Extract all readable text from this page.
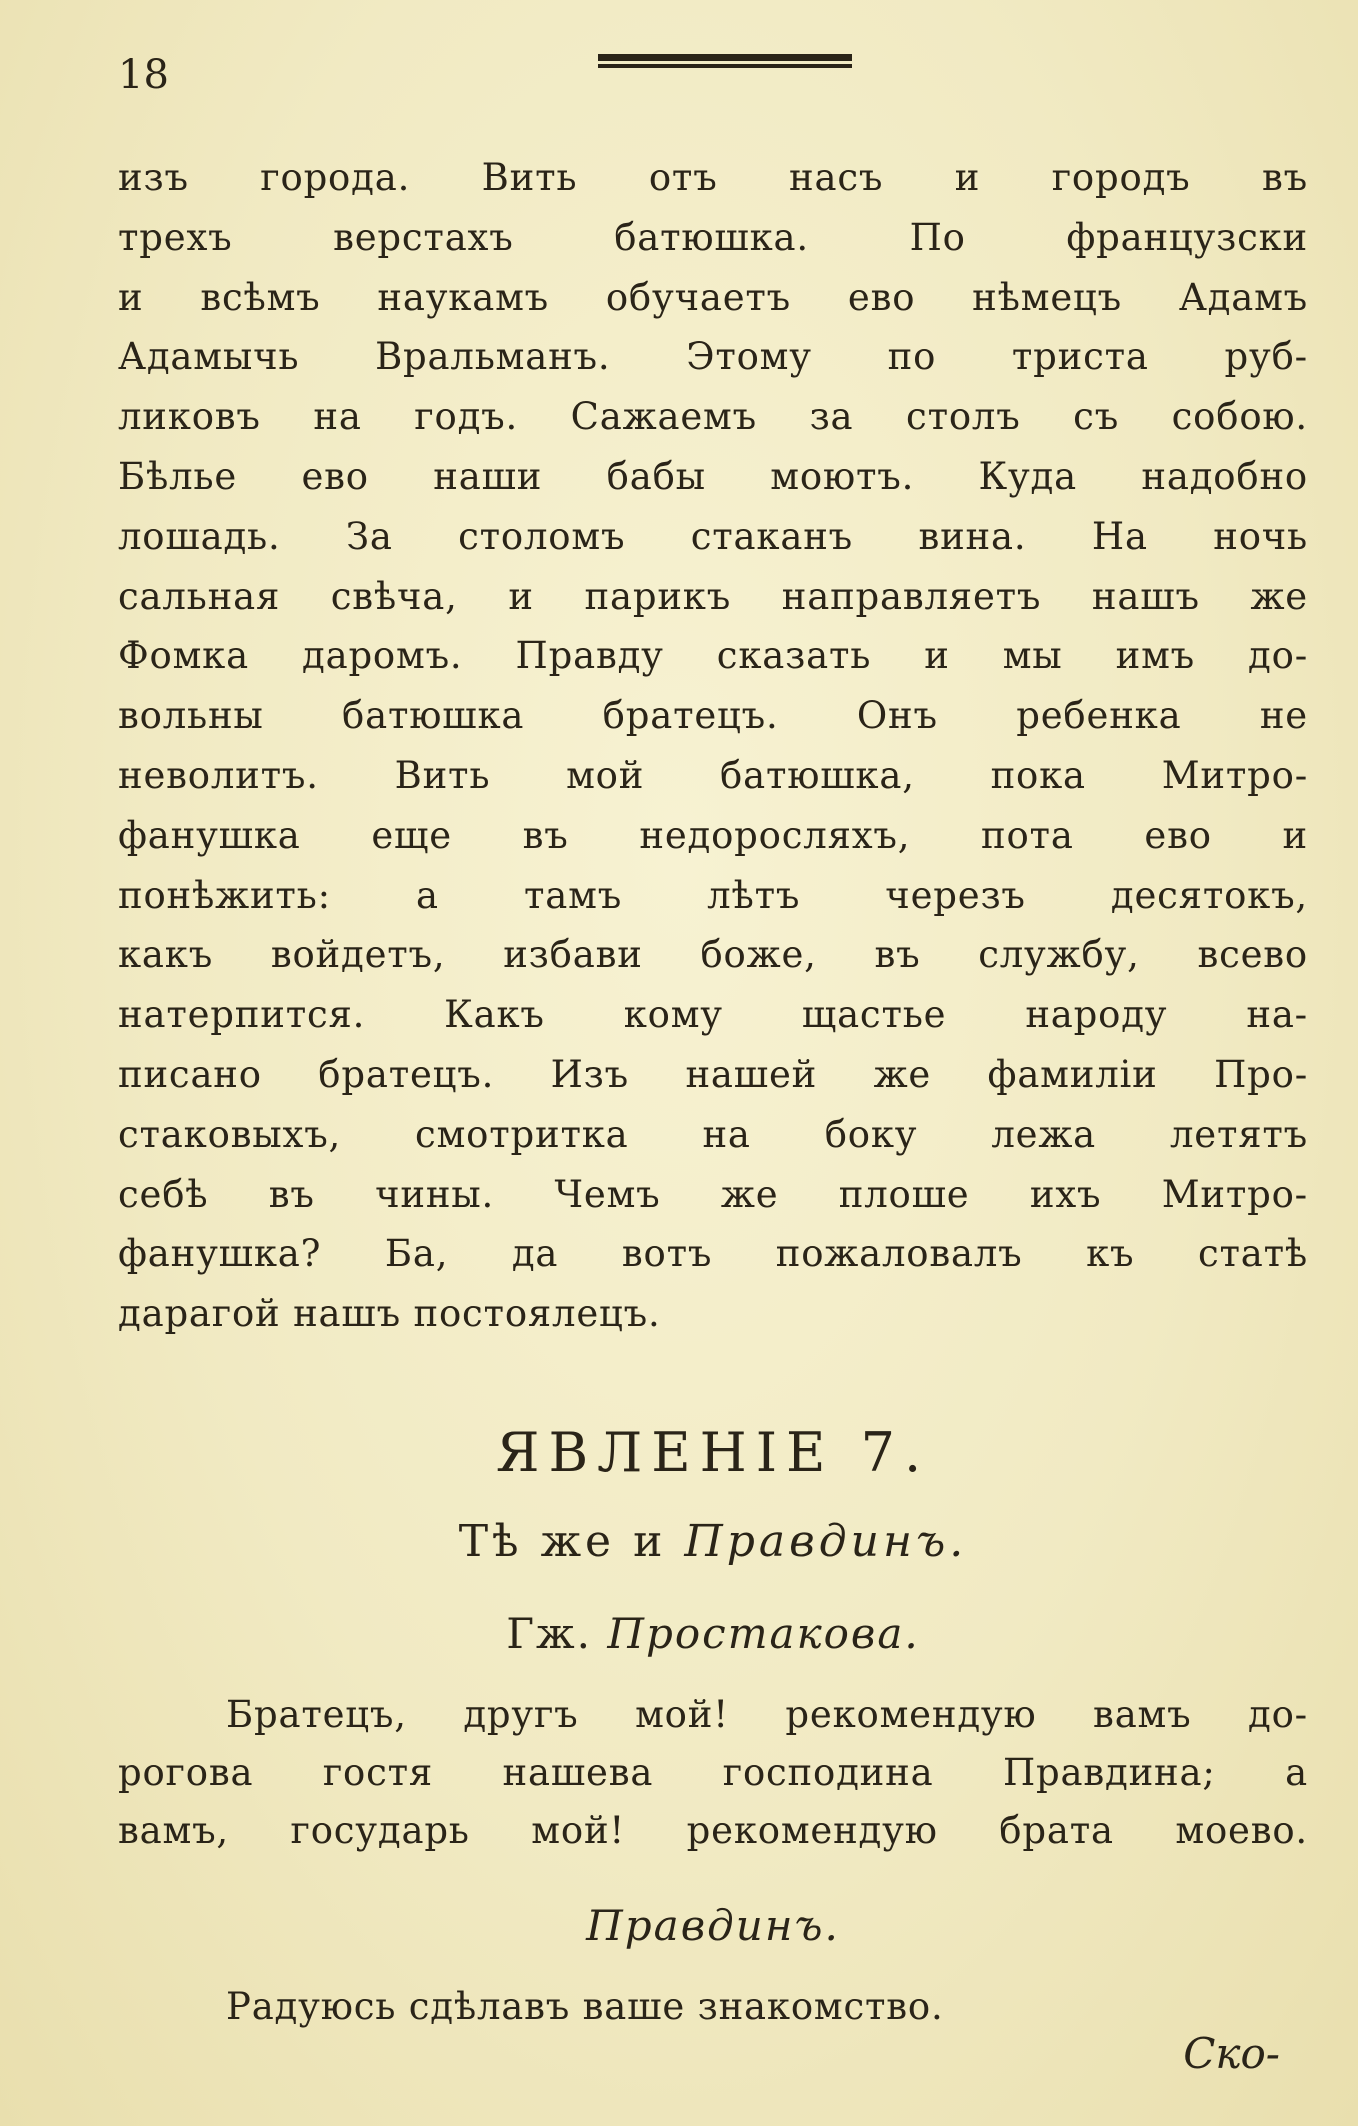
18
изъ города. Вить отъ насъ и городъ въ
трехъ верстахъ батюшка. По французски
и всѣмъ наукамъ обучаетъ ево нѣмецъ Адамъ
Адамычь Вральманъ. Этому по триста руб-
ликовъ на годъ. Сажаемъ за столъ съ собою.
Бѣлье ево наши бабы моютъ. Куда надобно
лошадь. За столомъ стаканъ вина. На ночь
сальная свѣча, и парикъ направляетъ нашъ же
Фомка даромъ. Правду сказать и мы имъ до-
вольны батюшка братецъ. Онъ ребенка не
неволитъ. Вить мой батюшка, пока Митро-
фанушка еще въ недоросляхъ, пота ево и
понѣжить: а тамъ лѣтъ черезъ десятокъ,
какъ войдетъ, избави боже, въ службу, всево
натерпится. Какъ кому щастье народу на-
писано братецъ. Изъ нашей же фамиліи Про-
стаковыхъ, смотритка на боку лежа летятъ
себѣ въ чины. Чемъ же плоше ихъ Митро-
фанушка? Ба, да вотъ пожаловалъ къ статѣ
дарагой нашъ постоялецъ.
ЯВЛЕНІЕ 7.
Тѣ же и Правдинъ.
Гж. Простакова.
Братецъ, другъ мой! рекомендую вамъ до-
рогова гостя нашева господина Правдина; а
вамъ, государь мой! рекомендую брата моево.
Правдинъ.
Радуюсь сдѣлавъ ваше знакомство.
Ско-
